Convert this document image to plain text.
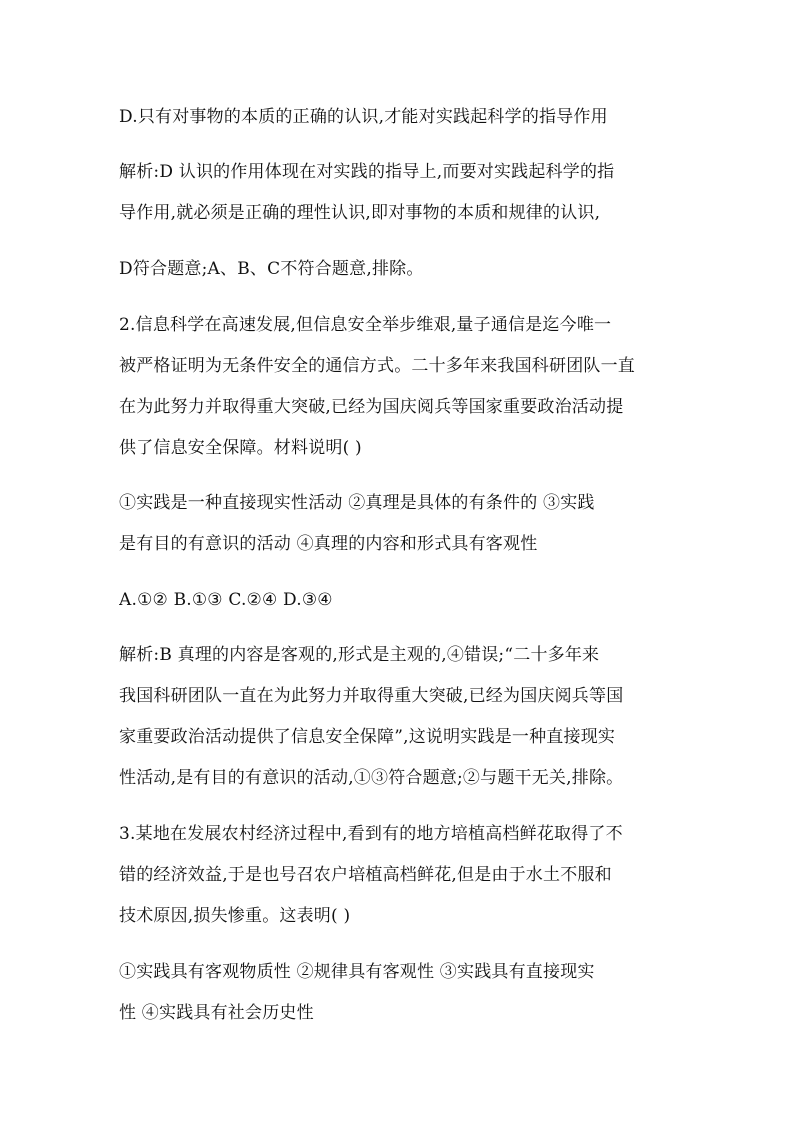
D.只有对事物的本质的正确的认识,才能对实践起科学的指导作用
解析:D 认识的作用体现在对实践的指导上,而要对实践起科学的指
导作用,就必须是正确的理性认识,即对事物的本质和规律的认识,
D符合题意;A、B、C不符合题意,排除。
2.信息科学在高速发展,但信息安全举步维艰,量子通信是迄今唯一
被严格证明为无条件安全的通信方式。二十多年来我国科研团队一直
在为此努力并取得重大突破,已经为国庆阅兵等国家重要政治活动提
供了信息安全保障。材料说明( )
①实践是一种直接现实性活动 ②真理是具体的有条件的 ③实践
是有目的有意识的活动 ④真理的内容和形式具有客观性
A.①② B.①③ C.②④ D.③④
解析:B 真理的内容是客观的,形式是主观的,④错误;“二十多年来
我国科研团队一直在为此努力并取得重大突破,已经为国庆阅兵等国
家重要政治活动提供了信息安全保障”,这说明实践是一种直接现实
性活动,是有目的有意识的活动,①③符合题意;②与题干无关,排除。
3.某地在发展农村经济过程中,看到有的地方培植高档鲜花取得了不
错的经济效益,于是也号召农户培植高档鲜花,但是由于水土不服和
技术原因,损失惨重。这表明( )
①实践具有客观物质性 ②规律具有客观性 ③实践具有直接现实
性 ④实践具有社会历史性
